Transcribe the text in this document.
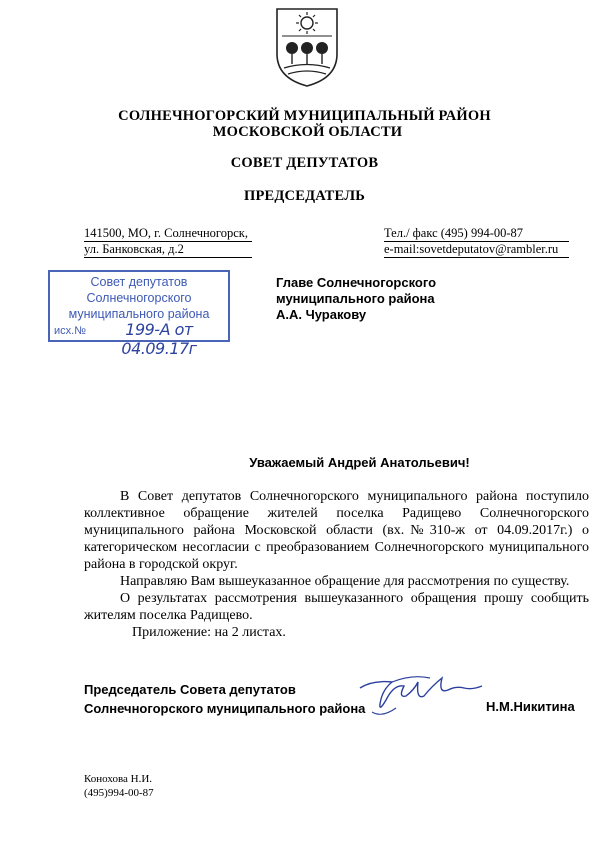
СОЛНЕЧНОГОРСКИЙ МУНИЦИПАЛЬНЫЙ РАЙОН
МОСКОВСКОЙ ОБЛАСТИ
СОВЕТ ДЕПУТАТОВ
ПРЕДСЕДАТЕЛЬ
141500, МО, г. Солнечногорск,
ул. Банковская, д.2
Тел./ факс (495) 994-00-87
e-mail:sovetdeputatov@rambler.ru
Совет депутатов
Солнечногорского
муниципального района
исх.№	199-А от 04.09.17г
Главе Солнечногорского
муниципального района
А.А. Чуракову
Уважаемый Андрей Анатольевич!

В Совет депутатов Солнечногорского муниципального района поступило коллективное обращение жителей поселка Радищево Солнечногорского муниципального района Московской области (вх.№310-ж от 04.09.2017г.) о категорическом несогласии с преобразованием Солнечногорского муниципального района в городской округ.

Направляю Вам вышеуказанное обращение для рассмотрения по существу.

О результатах рассмотрения вышеуказанного обращения прошу сообщить жителям поселка Радищево.

Приложение: на 2 листах.

Председатель Совета депутатов
Солнечногорского муниципального района	Н.М.Никитина
Конохова Н.И.
(495)994-00-87
